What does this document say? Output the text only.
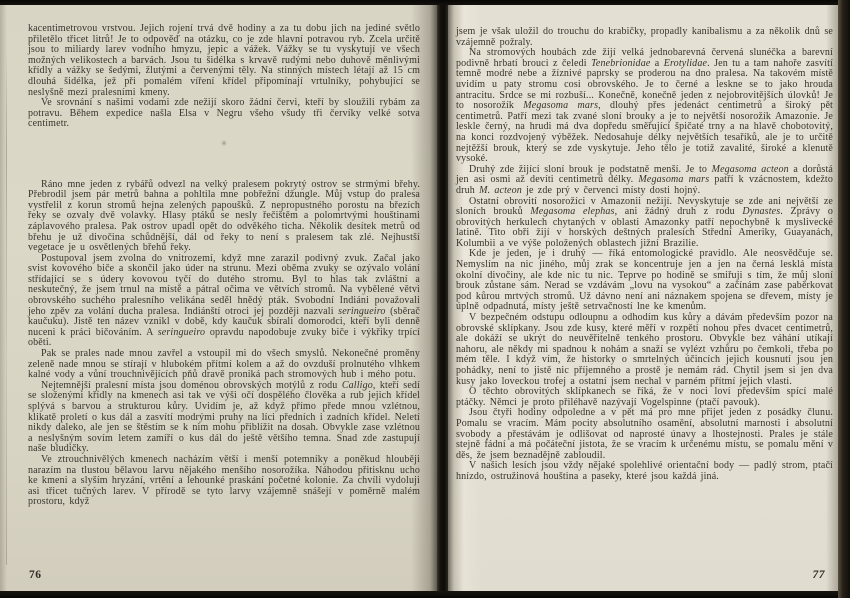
kacentimetrovou vrstvou. Jejich rojení trvá dvě hodiny a za tu dobu jich na jediné světlo přiletělo třicet litrů! Je to odpověď na otázku, co je zde hlavní potravou ryb. Zcela určitě jsou to miliardy larev vodního hmyzu, jepic a vážek. Vážky se tu vyskytují ve všech možných velikostech a barvách. Jsou tu šidélka s krvavě rudými nebo duhově měnlivými křídly a vážky se šedými, žlutými a červenými těly. Na stinných místech létají až 15 cm dlouhá šidélka, jež při pomalém víření křídel připomínají vrtulníky, pohybující se neslyšně mezi pralesními kmeny.

Ve srovnání s našimi vodami zde nežijí skoro žádní červi, kteří by sloužili rybám za potravu. Během expedice našla Elsa v Negru všeho všudy tři červíky velké sotva centimetr.

✳

Ráno mne jeden z rybářů odvezl na velký pralesem pokrytý ostrov se strmými břehy. Přebrodil jsem pár metrů bahna a pohltila mne pobřežní džungle. Můj vstup do pralesa vystřelil z korun stromů hejna zelených papoušků. Z nepropustného porostu na březích řeky se ozvaly dvě volavky. Hlasy ptáků se nesly řečištěm a polomrtvými houštinami záplavového pralesa. Pak ostrov upadl opět do odvěkého ticha. Několik desítek metrů od břehu je už divočina schůdnější, dál od řeky to není s pralesem tak zlé. Nejhustší vegetace je u osvětlených břehů řeky.

Postupoval jsem zvolna do vnitrozemí, když mne zarazil podivný zvuk. Začal jako svist kovového biče a skončil jako úder na strunu. Mezi oběma zvuky se ozývalo volání střídající se s údery kovovou tyčí do dutého stromu. Byl to hlas tak zvláštní a neskutečný, že jsem trnul na místě a pátral očima ve větvích stromů. Na vybělené větvi obrovského suchého pralesního velikána seděl hnědý pták. Svobodní Indiáni považovali jeho zpěv za volání ducha pralesa. Indiánští otroci jej později nazvali seringueiro (sběrač kaučuku). Jistě ten název vznikl v době, kdy kaučuk sbírali domorodci, kteří byli denně nuceni k práci bičováním. A seringueiro opravdu napodobuje zvuky biče i výkřiky trpící oběti.

Pak se prales nade mnou zavřel a vstoupil mi do všech smyslů. Nekonečné proměny zeleně nade mnou se stírají v hlubokém přítmí kolem a až do ovzduší prolnutého vlhkem kalné vody a vůní trouchnivějících pňů dravě proniká pach stromových hub i mého potu.

Nejtemnější pralesní místa jsou doménou obrovských motýlů z rodu Calligo, kteří sedí se složenými křídly na kmenech asi tak ve výši očí dospělého člověka a rub jejich křídel splývá s barvou a strukturou kůry. Uvidím je, až když přímo přede mnou vzlétnou, klikatě proletí o kus dál a zasvítí modrými pruhy na líci předních i zadních křídel. Neletí nikdy daleko, ale jen se štěstím se k nim mohu přiblížit na dosah. Obvykle zase vzlétnou a neslyšným sovím letem zamíří o kus dál do ještě většího temna. Snad zde zastupují naše bludičky.

Ve ztrouchnivělých kmenech nacházím větší i menší potemníky a poněkud hlouběji narazím na tlustou bělavou larvu nějakého menšího nosorožíka. Náhodou přitisknu ucho ke kmeni a slyším hryzání, vrtění a lehounké praskání početné kolonie. Za chvíli vydoluji asi třicet tučných larev. V přírodě se tyto larvy vzájemně snášejí v poměrně malém prostoru, když

76

jsem je však uložil do trouchu do krabičky, propadly kanibalismu a za několik dnů se vzájemně požraly.

Na stromových houbách zde žijí velká jednobarevná červená slunéčka a barevní podivně hrbatí brouci z čeledi Tenebrionidae a Erotylidae. Jen tu a tam nahoře zasvítí temně modré nebe a žíznivé paprsky se proderou na dno pralesa. Na takovém místě uvidím u paty stromu cosi obrovského. Je to černé a leskne se to jako hrouda antracitu. Srdce se mi rozbuší... Konečně, konečně jeden z nejobrovitějších úlovků! Je to nosorožík Megasoma mars, dlouhý přes jedenáct centimetrů a široký pět centimetrů. Patří mezi tak zvané sloní brouky a je to největší nosorožík Amazonie. Je leskle černý, na hrudi má dva dopředu směřující špičaté trny a na hlavě chobotovitý, na konci rozdvojený výběžek. Nedosahuje délky největších tesaříků, ale je to určitě nejtěžší brouk, který se zde vyskytuje. Jeho tělo je totiž zavalité, široké a klenutě vysoké.

Druhý zde žijící sloní brouk je podstatně menší. Je to Megasoma acteon a dorůstá jen asi osmi až devíti centimetrů délky. Megasoma mars patří k vzácnostem, kdežto druh M. acteon je zde prý v červenci místy dosti hojný.

Ostatní obrovití nosorožíci v Amazonii nežijí. Nevyskytuje se zde ani největší ze sloních brouků Megasoma elephas, ani žádný druh z rodu Dynastes. Zprávy o obrovitých herkulech chytaných v oblasti Amazonky patří nepochybně k myslivecké latině. Tito obři žijí v horských deštných pralesích Střední Ameriky, Guayanách, Kolumbii a ve výše položených oblastech jižní Brazilie.

Kde je jeden, je i druhý — říká entomologické pravidlo. Ale neosvědčuje se. Nemyslím na nic jiného, můj zrak se koncentruje jen a jen na černá lesklá místa okolní divočiny, ale kde nic tu nic. Teprve po hodině se smiřuji s tím, že můj sloní brouk zůstane sám. Nerad se vzdávám „lovu na vysokou“ a začínám zase paběrkovat pod kůrou mrtvých stromů. Už dávno není ani náznakem spojena se dřevem, místy je úplně odpadnutá, místy ještě setrvačností lne ke kmenům.

V bezpečném odstupu odloupnu a odhodím kus kůry a dávám především pozor na obrovské sklípkany. Jsou zde kusy, které měří v rozpětí nohou přes dvacet centimetrů, ale dokáží se ukrýt do neuvěřitelně tenkého prostoru. Obvykle bez váhání utíkají nahoru, ale někdy mi spadnou k nohám a snaží se vylézt vzhůru po čemkoli, třeba po mém těle. I když vím, že historky o smrtelných účincích jejich kousnutí jsou jen pohádky, není to jistě nic příjemného a prostě je nemám rád. Chytil jsem si jen dva kusy jako loveckou trofej a ostatní jsem nechal v parném přítmí jejich vlasti.

O těchto obrovitých sklípkanech se říká, že v noci loví především spící malé ptáčky. Němci je proto přiléhavě nazývají Vogelspinne (ptačí pavouk).

Jsou čtyři hodiny odpoledne a v pět má pro mne přijet jeden z posádky člunu. Pomalu se vracím. Mám pocity absolutního osamění, absolutní marnosti i absolutní svobody a přestávám je odlišovat od naprosté únavy a lhostejnosti. Prales je stále stejně fádní a má počáteční jistota, že se vracím k určenému místu, se pomalu mění v děs, že jsem beznadějně zabloudil.

V našich lesích jsou vždy nějaké spolehlivé orientační body — padlý strom, ptačí hnízdo, ostružinová houština a paseky, které jsou každá jiná.

77
